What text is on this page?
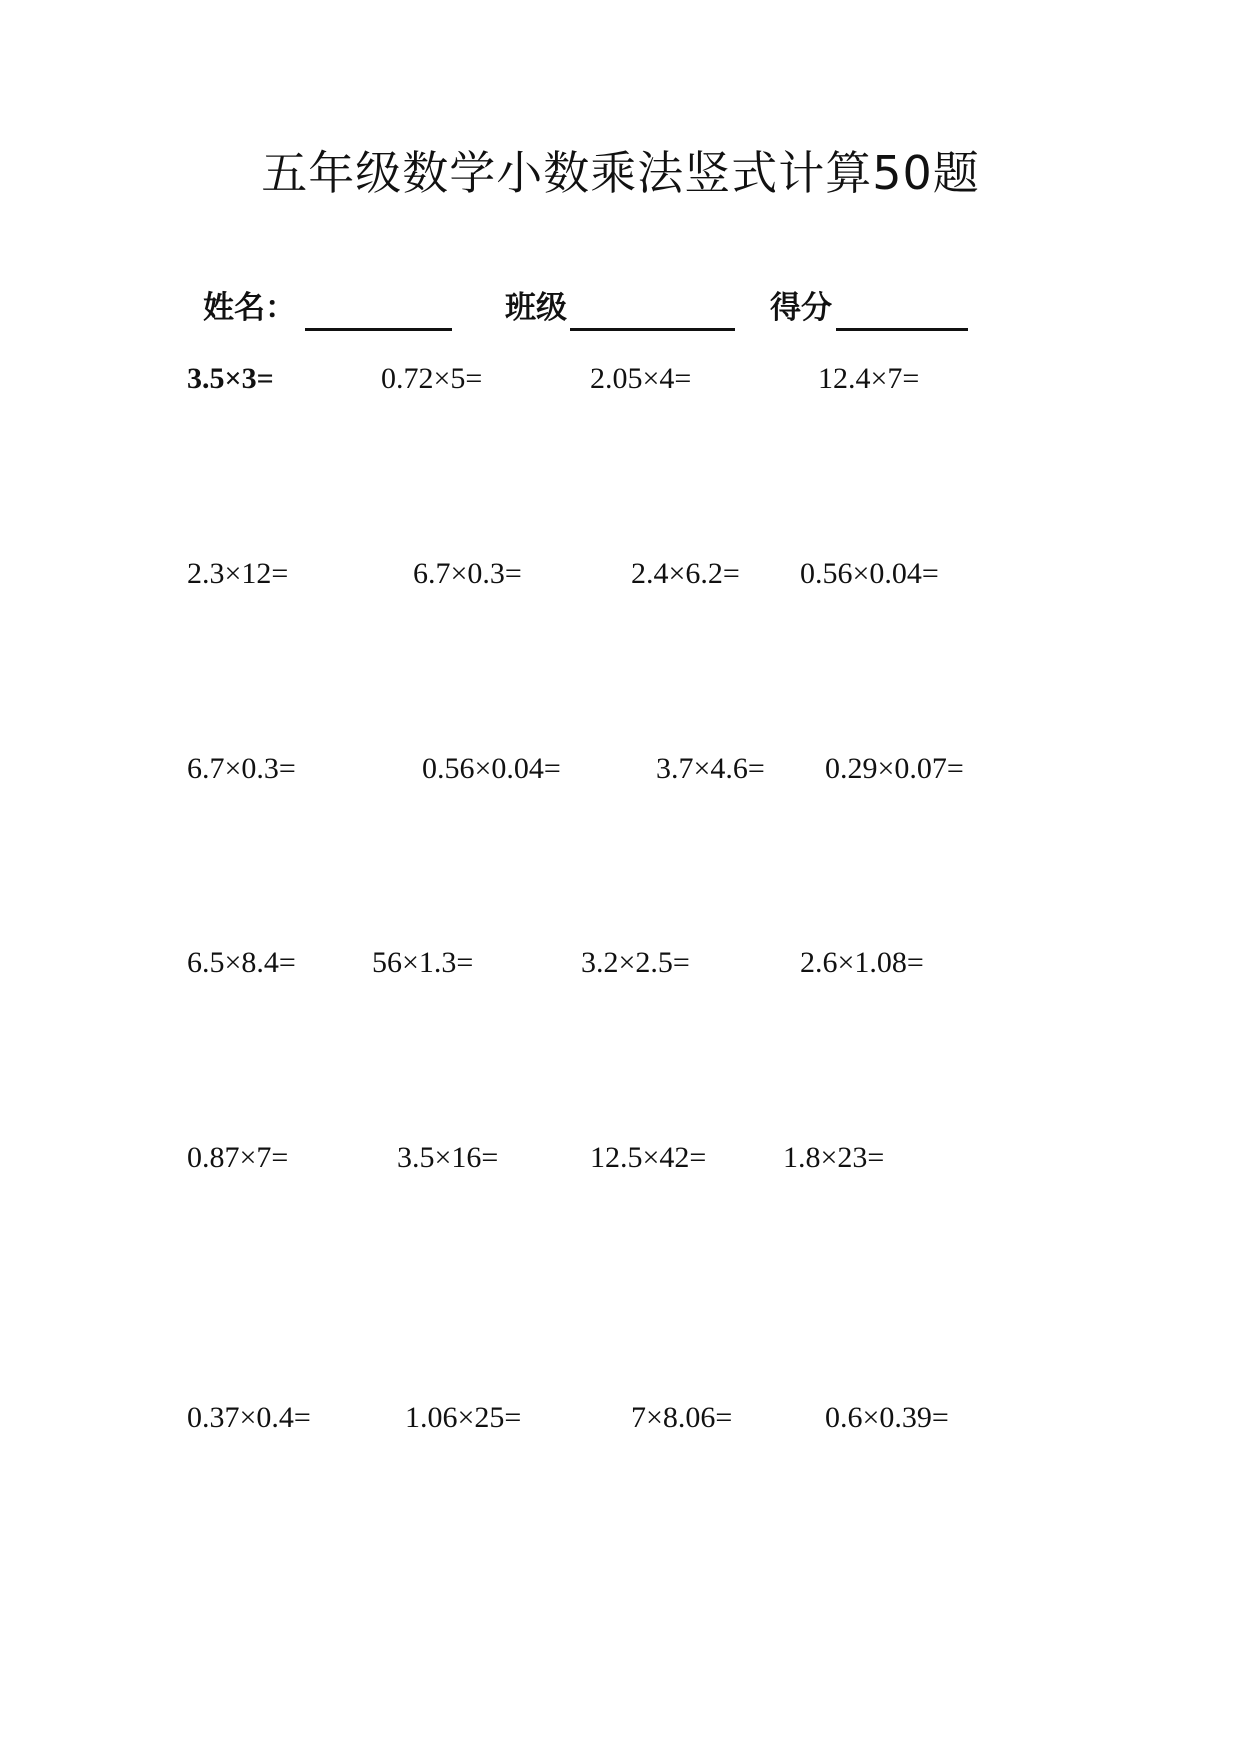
五年级数学小数乘法竖式计算50题
姓名：	班级	得分
3.5×3=	0.72×5=	2.05×4=	12.4×7=
2.3×12=	6.7×0.3=	2.4×6.2= 0.56×0.04=
6.7×0.3=	0.56×0.04=	3.7×4.6= 0.29×0.07=
6.5×8.4=	56×1.3=	3.2×2.5=	2.6×1.08=
0.87×7=	3.5×16=	12.5×42=	1.8×23=
0.37×0.4=	1.06×25=	7×8.06=	0.6×0.39=
